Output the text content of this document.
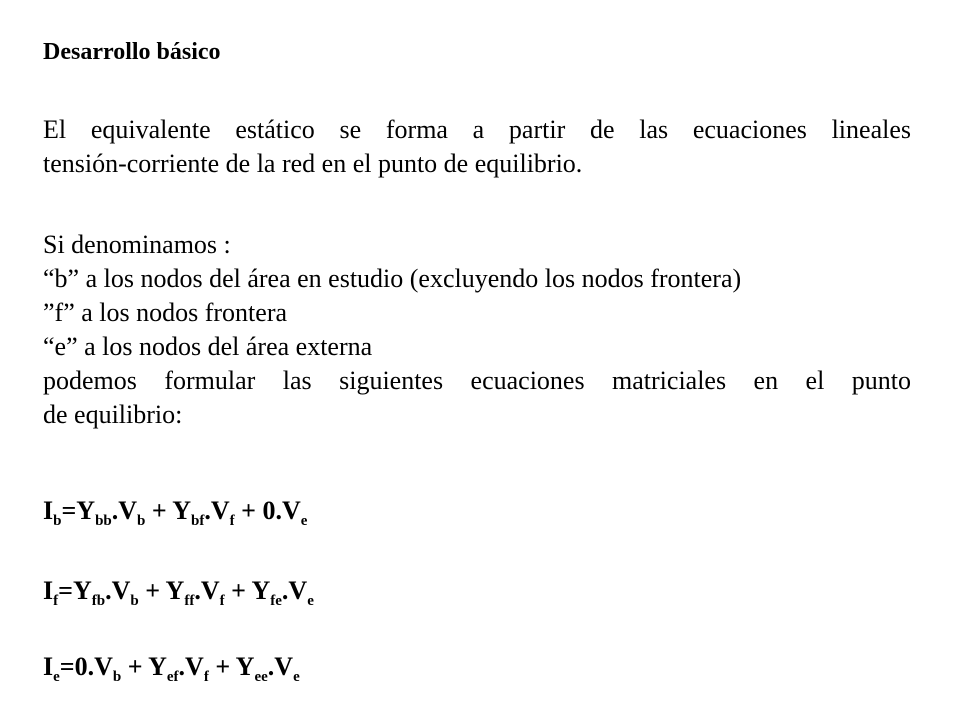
Desarrollo básico

El equivalente estático se forma a partir de las ecuaciones lineales
tensión-corriente de la red en el punto de equilibrio.

Si denominamos :
“b” a los nodos del área en estudio (excluyendo los nodos frontera)
”f” a los nodos frontera
“e” a los nodos del área externa
podemos formular las siguientes ecuaciones matriciales en el punto
de equilibrio:

$I_b=Y_{bb}.V_b + Y_{bf}.V_f + 0.V_e$
$I_f=Y_{fb}.V_b + Y_{ff}.V_f + Y_{fe}.V_e$
$I_e=0.V_b + Y_{ef}.V_f + Y_{ee}.V_e$
